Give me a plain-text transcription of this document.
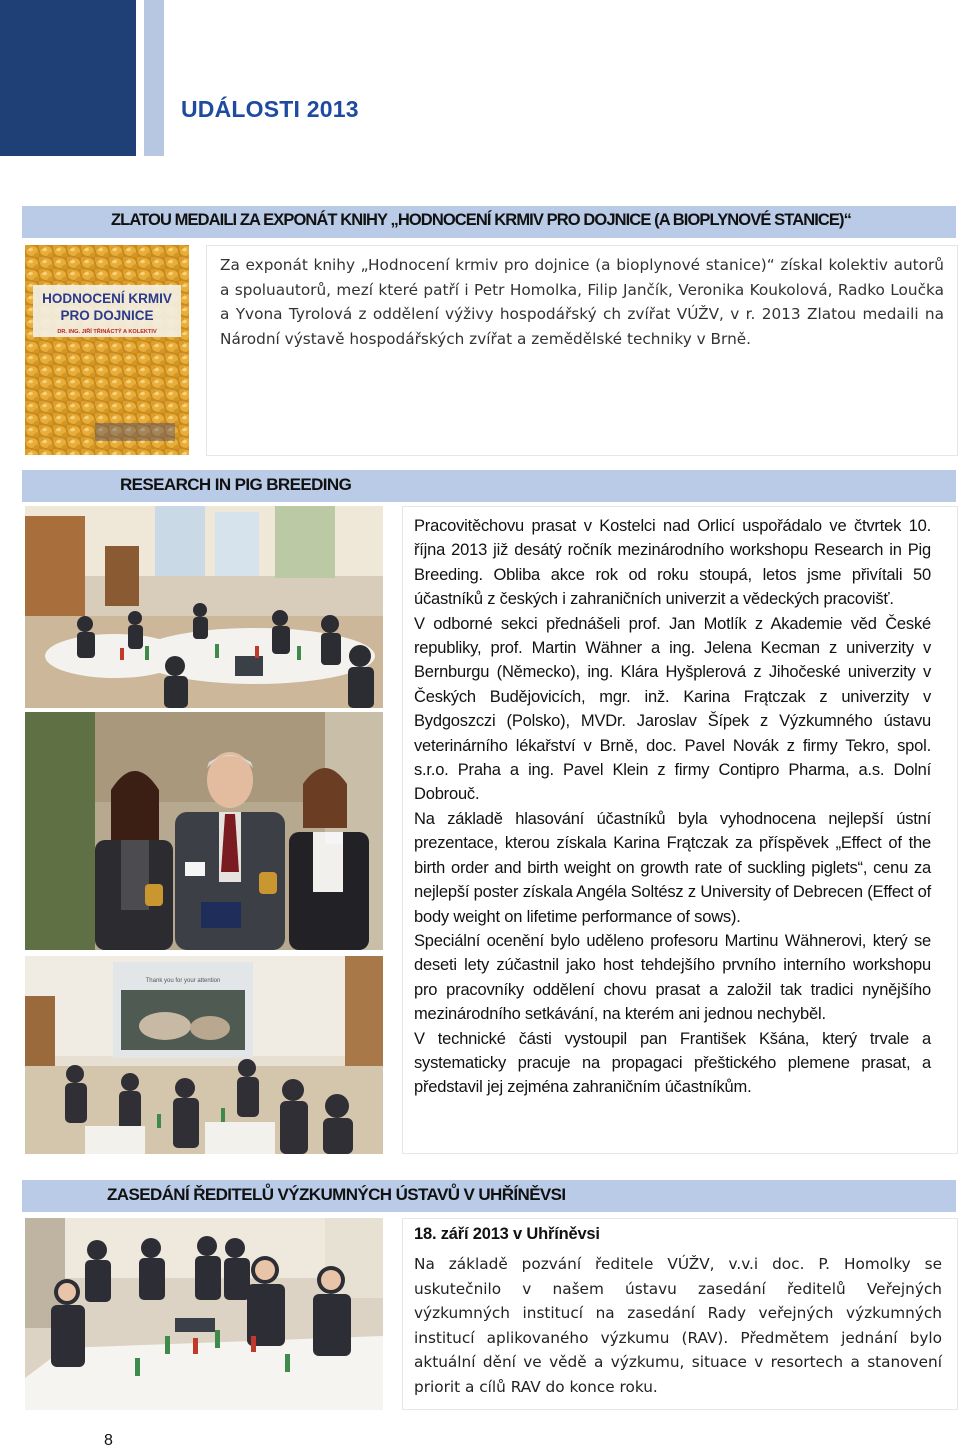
UDÁLOSTI 2013
ZLATOU MEDAILI ZA EXPONÁT KNIHY „HODNOCENÍ KRMIV PRO DOJNICE (A BIOPLYNOVÉ STANICE)“
HODNOCENÍ KRMIV
PRO DOJNICE
DR. ING. JIŘÍ TŘINÁCTÝ A KOLEKTIV

Za exponát knihy „Hodnocení krmiv pro dojnice (a bioplynové stanice)“ získal kolektiv autorů a spoluautorů, mezí které patří i Petr Homolka, Filip Jančík, Veronika Koukolová, Radko Loučka a Yvona Tyrolová z oddělení výživy hospodářský ch zvířat VÚŽV, v r. 2013 Zlatou medaili na Národní výstavě hospodářských zvířat a zemědělské techniky v Brně.

RESEARCH IN PIG BREEDING
Thank you for your attention

Pracovitěchovu prasat v Kostelci nad Orlicí uspořádalo ve čtvrtek 10. října 2013 již desátý ročník mezinárodního workshopu Research in Pig Breeding. Obliba akce rok od roku stoupá, letos jsme přivítali 50 účastníků z českých i zahraničních univerzit a vědeckých pracovišť.

V odborné sekci přednášeli prof. Jan Motlík z Akademie věd České republiky, prof. Martin Wähner a ing. Jelena Kecman z univerzity v Bernburgu (Německo), ing. Klára Hyšplerová z Jihočeské univerzity v Českých Budějovicích, mgr. inž. Karina Frątczak z univerzity v Bydgoszczi (Polsko), MVDr. Jaroslav Šípek z Výzkumného ústavu veterinárního lékařství v Brně, doc. Pavel Novák z firmy Tekro, spol. s.r.o. Praha a ing. Pavel Klein z firmy Contipro Pharma, a.s. Dolní Dobrouč.

Na základě hlasování účastníků byla vyhodnocena nejlepší ústní prezentace, kterou získala Karina Frątczak za příspěvek „Effect of the birth order and birth weight on growth rate of suckling piglets“, cenu za nejlepší poster získala Angéla Soltész z University of Debrecen (Effect of body weight on lifetime performance of sows).

Speciální ocenění bylo uděleno profesoru Martinu Wähnerovi, který se deseti lety zúčastnil jako host tehdejšího prvního interního workshopu pro pracovníky oddělení chovu prasat a založil tak tradici nynějšího mezinárodního setkávání, na kterém ani jednou nechyběl.

V technické části vystoupil pan František Kšána, který trvale a systematicky pracuje na propagaci přeštického plemene prasat, a představil jej zejména zahraničním účastníkům.

ZASEDÁNÍ ŘEDITELŮ VÝZKUMNÝCH ÚSTAVŮ V UHŘÍNĚVSI

18. září 2013 v Uhříněvsi

Na základě pozvání ředitele VÚŽV, v.v.i doc. P. Homolky se uskutečnilo v našem ústavu zasedání ředitelů Veřejných výzkumných institucí na zasedání Rady veřejných výzkumných institucí aplikovaného výzkumu (RAV). Předmětem jednání bylo aktuální dění ve vědě a výzkumu, situace v resortech a stanovení priorit a cílů RAV do konce roku.

8
